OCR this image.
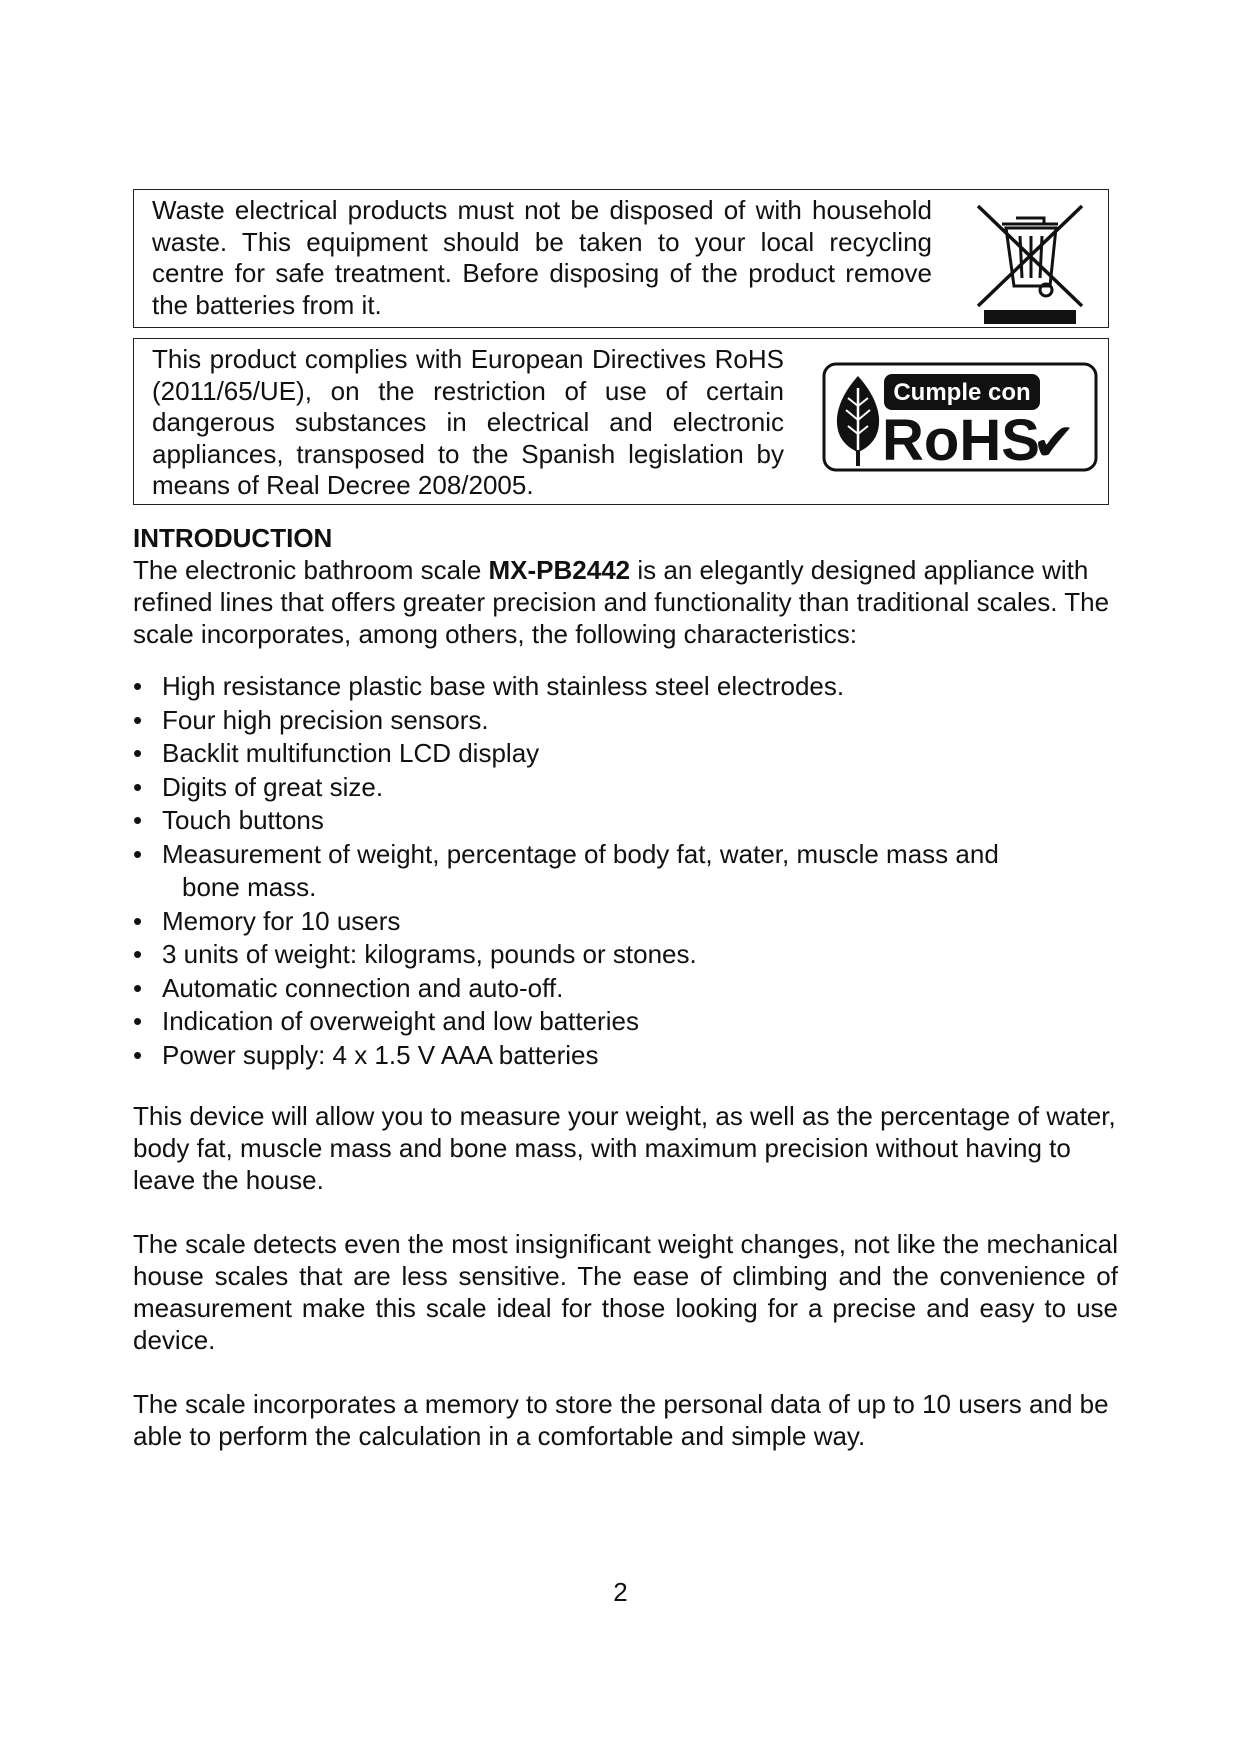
Waste electrical products must not be disposed of with household waste. This equipment should be taken to your local recycling centre for safe treatment. Before disposing of the product remove the batteries from it.
This product complies with European Directives RoHS (2011/65/UE), on the restriction of use of certain dangerous substances in electrical and electronic appliances, transposed to the Spanish legislation by means of Real Decree 208/2005.
Cumple con
RoHS
✔
INTRODUCTION

The electronic bathroom scale MX-PB2442 is an elegantly designed appliance with refined lines that offers greater precision and functionality than traditional scales. The scale incorporates, among others, the following characteristics:

• High resistance plastic base with stainless steel electrodes.
• Four high precision sensors.
• Backlit multifunction LCD display
• Digits of great size.
• Touch buttons
• Measurement of weight, percentage of body fat, water, muscle mass and
bone mass.
• Memory for 10 users
• 3 units of weight: kilograms, pounds or stones.
• Automatic connection and auto-off.
• Indication of overweight and low batteries
• Power supply: 4 x 1.5 V AAA batteries

This device will allow you to measure your weight, as well as the percentage of water, body fat, muscle mass and bone mass, with maximum precision without having to leave the house.

The scale detects even the most insignificant weight changes, not like the mechanical house scales that are less sensitive. The ease of climbing and the convenience of measurement make this scale ideal for those looking for a precise and easy to use device.

The scale incorporates a memory to store the personal data of up to 10 users and be able to perform the calculation in a comfortable and simple way.

2
